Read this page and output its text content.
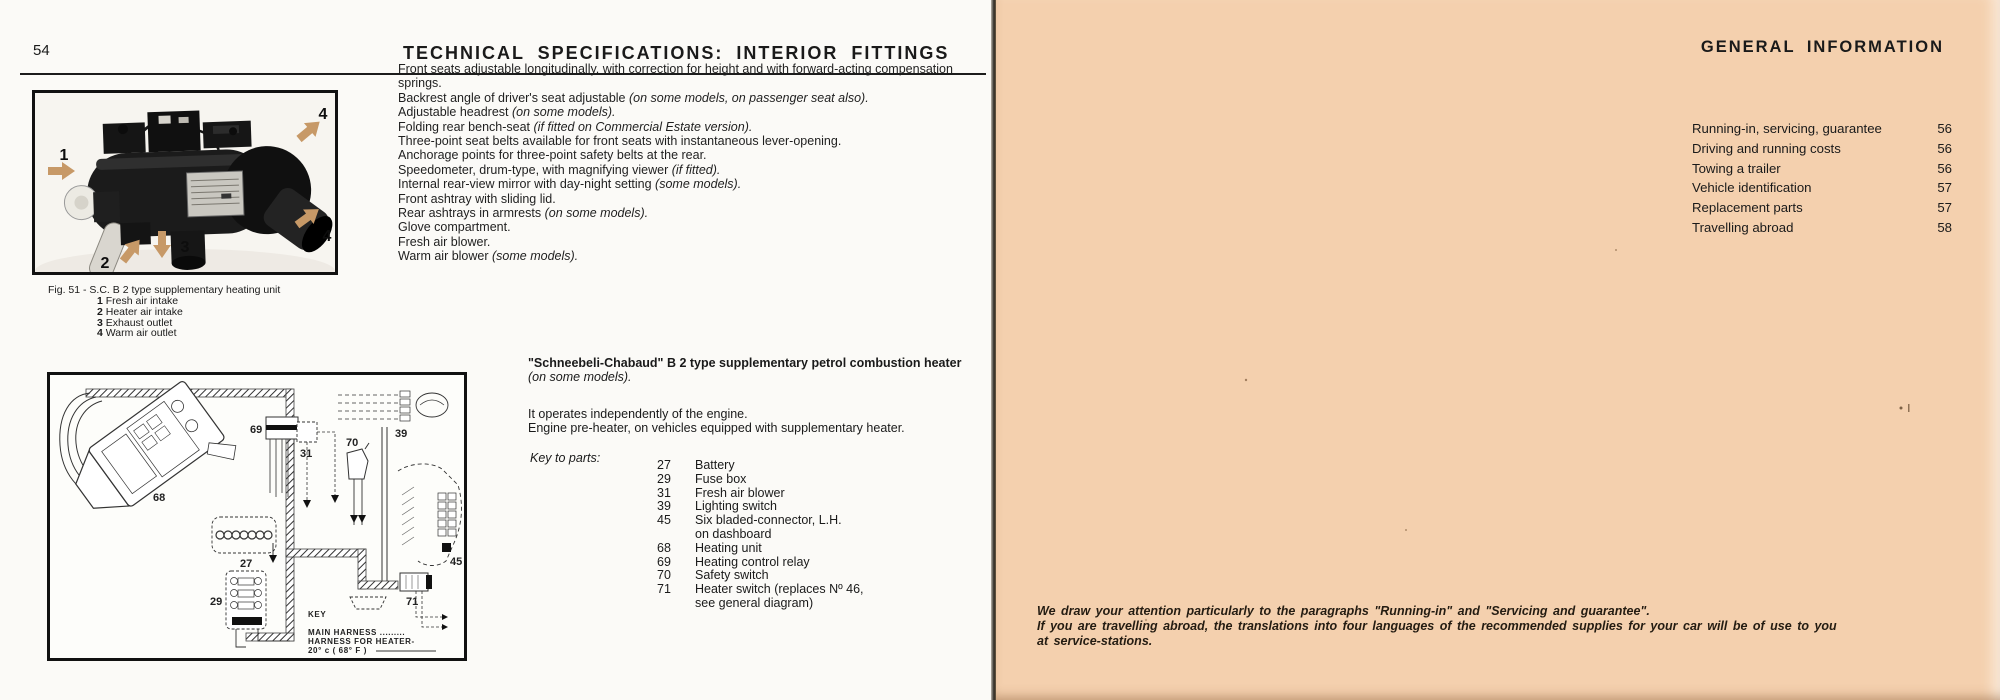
54	TECHNICAL SPECIFICATIONS: INTERIOR FITTINGS
1
2
3
4
4
Fig. 51 - S.C. B 2 type supplementary heating unit
1 Fresh air intake
2 Heater air intake
3 Exhaust outlet
4 Warm air outlet
Front seats adjustable longitudinally, with correction for height and with forward-acting compensation springs.
Backrest angle of driver's seat adjustable (on some models, on passenger seat also).
Adjustable headrest (on some models).
Folding rear bench-seat (if fitted on Commercial Estate version).
Three-point seat belts available for front seats with instantaneous lever-opening.
Anchorage points for three-point safety belts at the rear.
Speedometer, drum-type, with magnifying viewer (if fitted).
Internal rear-view mirror with day-night setting (some models).
Front ashtray with sliding lid.
Rear ashtrays in armrests (on some models).
Glove compartment.
Fresh air blower.
Warm air blower (some models).
68
69
31
70
39
27
29
45
71
KEY
MAIN HARNESS .........
HARNESS FOR HEATER-
20° c ( 68° F )
"Schneebeli-Chabaud" B 2 type supplementary petrol combustion heater (on some models).
It operates independently of the engine.
Engine pre-heater, on vehicles equipped with supplementary heater.
Key to parts:	27	Battery
29	Fuse box
31	Fresh air blower
39	Lighting switch
45	Six bladed-connector, L.H.
on dashboard
68	Heating unit
69	Heating control relay
70	Safety switch
71	Heater switch (replaces Nº 46,
see general diagram)
GENERAL INFORMATION
Running-in, servicing, guarantee	56
Driving and running costs	56
Towing a trailer	56
Vehicle identification	57
Replacement parts	57
Travelling abroad	58
We draw your attention particularly to the paragraphs "Running-in" and "Servicing and guarantee".
If you are travelling abroad, the translations into four languages of the recommended supplies for your car will be of use to you
at service-stations.
